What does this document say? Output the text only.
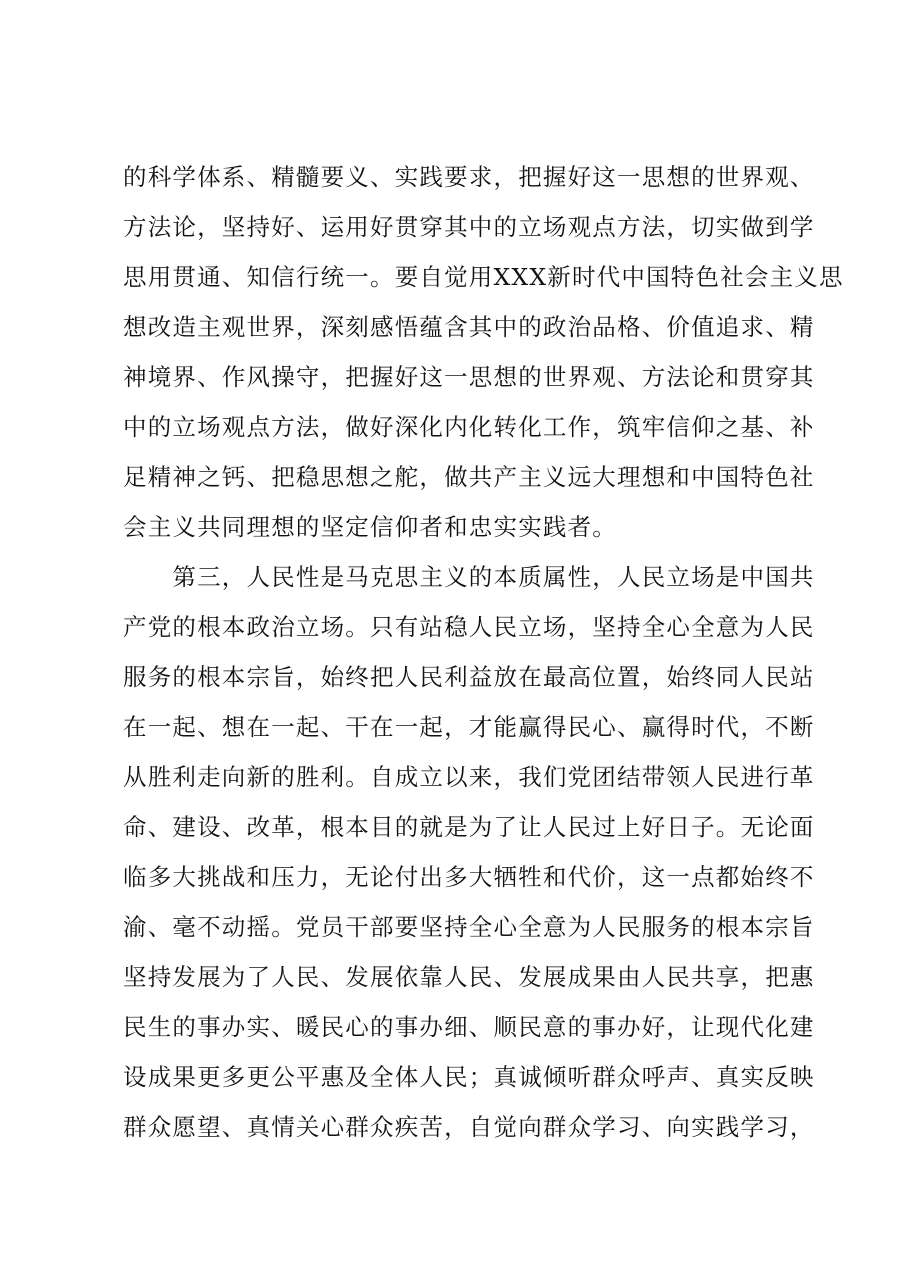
的科学体系、精髓要义、实践要求，把握好这一思想的世界观、
方法论，坚持好、运用好贯穿其中的立场观点方法，切实做到学
思用贯通、知信行统一。要自觉用XXX新时代中国特色社会主义思
想改造主观世界，深刻感悟蕴含其中的政治品格、价值追求、精
神境界、作风操守，把握好这一思想的世界观、方法论和贯穿其
中的立场观点方法，做好深化内化转化工作，筑牢信仰之基、补
足精神之钙、把稳思想之舵，做共产主义远大理想和中国特色社
会主义共同理想的坚定信仰者和忠实实践者。
　　第三，人民性是马克思主义的本质属性，人民立场是中国共
产党的根本政治立场。只有站稳人民立场，坚持全心全意为人民
服务的根本宗旨，始终把人民利益放在最高位置，始终同人民站
在一起、想在一起、干在一起，才能赢得民心、赢得时代，不断
从胜利走向新的胜利。自成立以来，我们党团结带领人民进行革
命、建设、改革，根本目的就是为了让人民过上好日子。无论面
临多大挑战和压力，无论付出多大牺牲和代价，这一点都始终不
渝、毫不动摇。党员干部要坚持全心全意为人民服务的根本宗旨
坚持发展为了人民、发展依靠人民、发展成果由人民共享，把惠
民生的事办实、暖民心的事办细、顺民意的事办好，让现代化建
设成果更多更公平惠及全体人民；真诚倾听群众呼声、真实反映
群众愿望、真情关心群众疾苦，自觉向群众学习、向实践学习，
